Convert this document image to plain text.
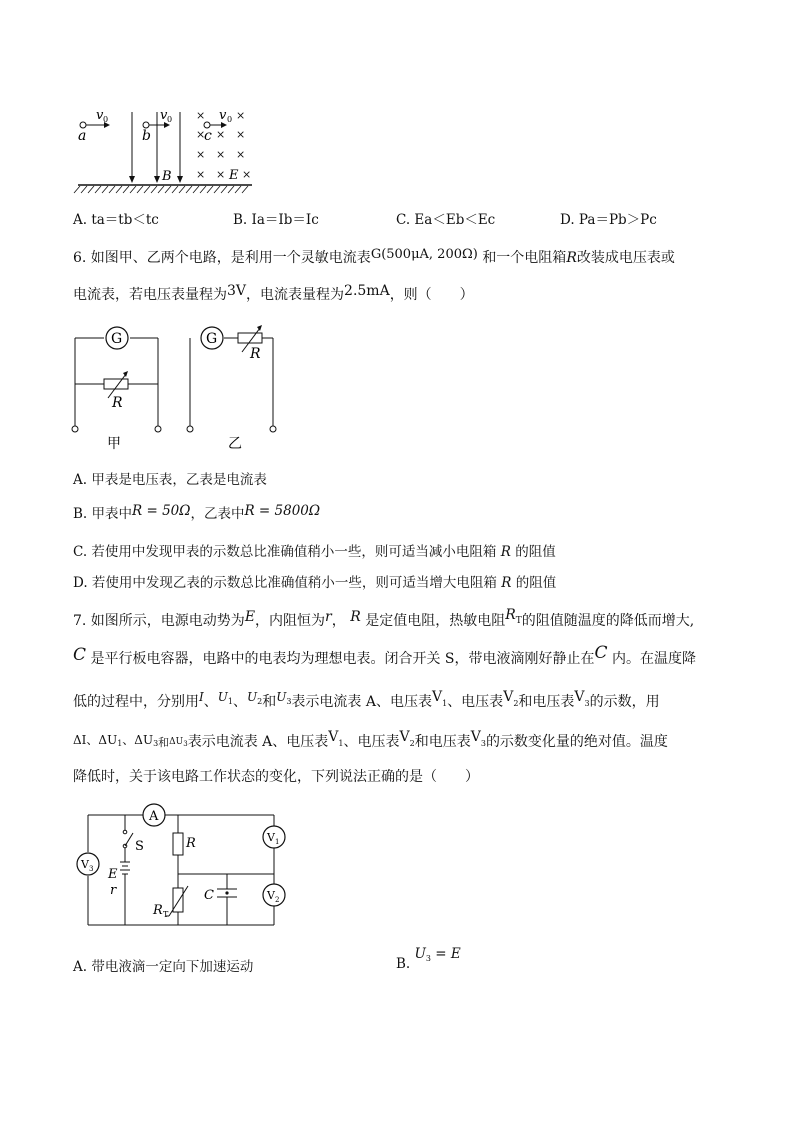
v 0
a
v 0
b
B
×	×
× × ×
× × ×
× × ×
v 0
c
E
A. ta＝tb＜tc	B. Ia＝Ib＝Ic	C. Ea＜Eb＜Ec	D. Pa＝Pb＞Pc
6. 如图甲、乙两个电路，是利用一个灵敏电流表G(500μA, 200Ω) 和一个电阻箱R改装成电压表或
电流表，若电压表量程为3V，电流表量程为2.5mA，则（　　）
G	G
R
R
甲	乙
A. 甲表是电压表，乙表是电流表
B. 甲表中R = 50Ω，乙表中R = 5800Ω
C. 若使用中发现甲表的示数总比准确值稍小一些，则可适当减小电阻箱 R 的阻值
D. 若使用中发现乙表的示数总比准确值稍小一些，则可适当增大电阻箱 R 的阻值
7. 如图所示，电源电动势为E，内阻恒为r， R 是定值电阻，热敏电阻RT的阻值随温度的降低而增大,
C 是平行板电容器，电路中的电表均为理想电表。闭合开关 S，带电液滴刚好静止在C 内。在温度降
低的过程中，分别用I、U1、U2和U3表示电流表 A、电压表V1、电压表V2和电压表V3的示数，用
ΔI、ΔU1、ΔU3和ΔU3表示电流表 A、电压表V1、电压表V2和电压表V3的示数变化量的绝对值。温度
降低时，关于该电路工作状态的变化，下列说法正确的是（　　）
A
V 3
V 1
V 2
S
E
r
R
R T
C
A. 带电液滴一定向下加速运动	B. $U_3 = E$
